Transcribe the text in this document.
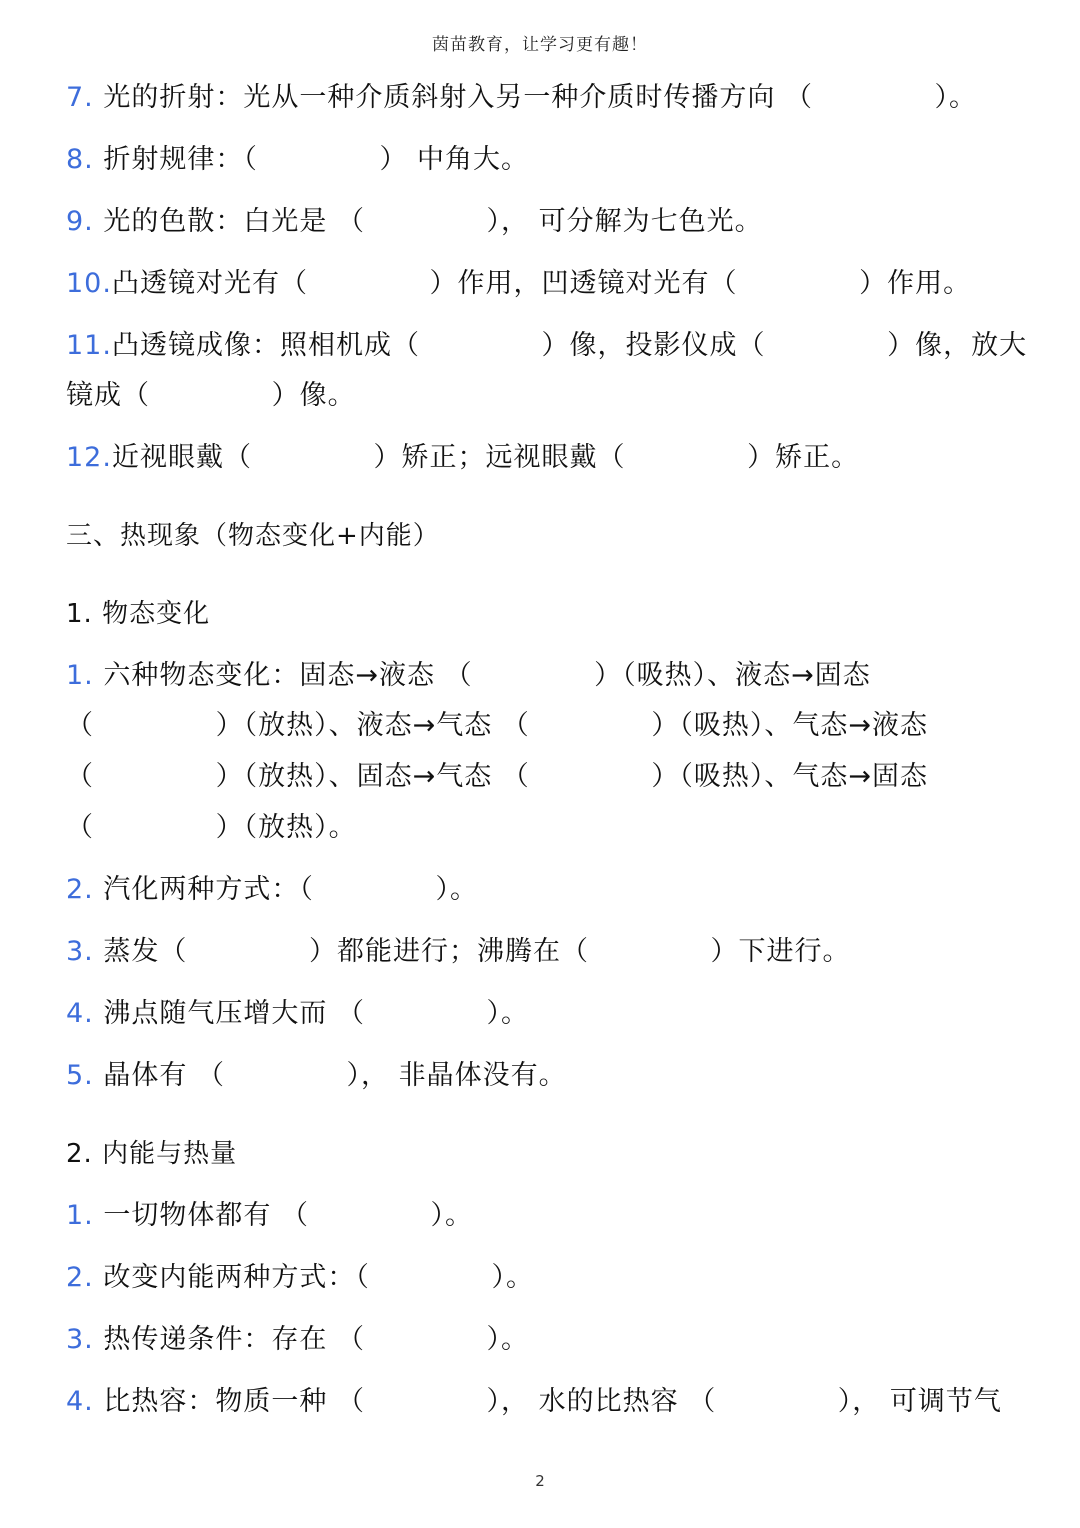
茵苗教育，让学习更有趣！
7. 光的折射：光从一种介质斜射入另一种介质时传播方向 （　　　　 ）。
8. 折射规律：（　　　　 ） 中角大。
9. 光的色散：白光是 （　　　　 ）， 可分解为七色光。
10.凸透镜对光有（　　　　 ）作用，凹透镜对光有（　　　　 ）作用。
11.凸透镜成像：照相机成（　　　　 ）像，投影仪成（　　　　 ）像，放大
镜成（　　　　 ）像。
12.近视眼戴（　　　　 ）矫正；远视眼戴（　　　　 ）矫正。
三、热现象（物态变化+内能）
1. 物态变化
1. 六种物态变化：固态→液态 （　　　　 ）（吸热）、液态→固态
（　　　　 ）（放热）、液态→气态 （　　　　 ）（吸热）、气态→液态
（　　　　 ）（放热）、固态→气态 （　　　　 ）（吸热）、气态→固态
（　　　　 ）（放热）。
2. 汽化两种方式：（　　　　 ）。
3. 蒸发（　　　　 ）都能进行；沸腾在（　　　　 ）下进行。
4. 沸点随气压增大而 （　　　　 ）。
5. 晶体有 （　　　　 ）， 非晶体没有。
2. 内能与热量
1. 一切物体都有 （　　　　 ）。
2. 改变内能两种方式：（　　　　 ）。
3. 热传递条件：存在 （　　　　 ）。
4. 比热容：物质一种 （　　　　 ）， 水的比热容 （　　　　 ）， 可调节气
2
